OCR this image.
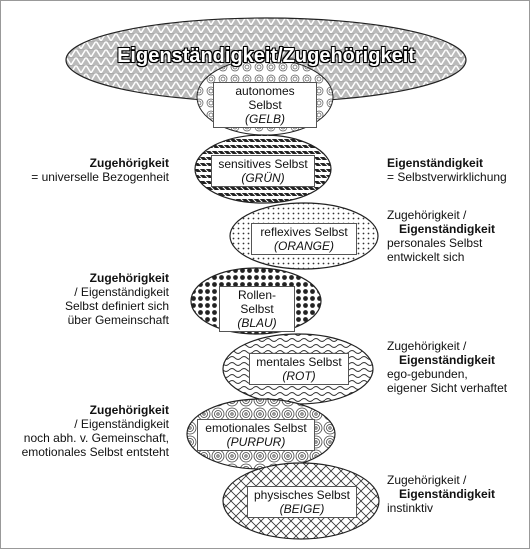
Eigenständigkeit/Zugehörigkeit
autonomes Selbst
(GELB)
sensitives Selbst
(GRÜN)
reflexives Selbst
(ORANGE)
Rollen-Selbst
(BLAU)
mentales Selbst
(ROT)
emotionales Selbst
(PURPUR)
physisches Selbst
(BEIGE)
Zugehörigkeit
= universelle Bezogenheit
Zugehörigkeit
/ Eigenständigkeit
Selbst definiert sich
über Gemeinschaft
Zugehörigkeit
/ Eigenständigkeit
noch abh. v. Gemeinschaft,
emotionales Selbst entsteht
Eigenständigkeit
= Selbstverwirklichung
Zugehörigkeit /
Eigenständigkeit
personales Selbst
entwickelt sich
Zugehörigkeit /
Eigenständigkeit
ego-gebunden,
eigener Sicht verhaftet
Zugehörigkeit /
Eigenständigkeit
instinktiv
